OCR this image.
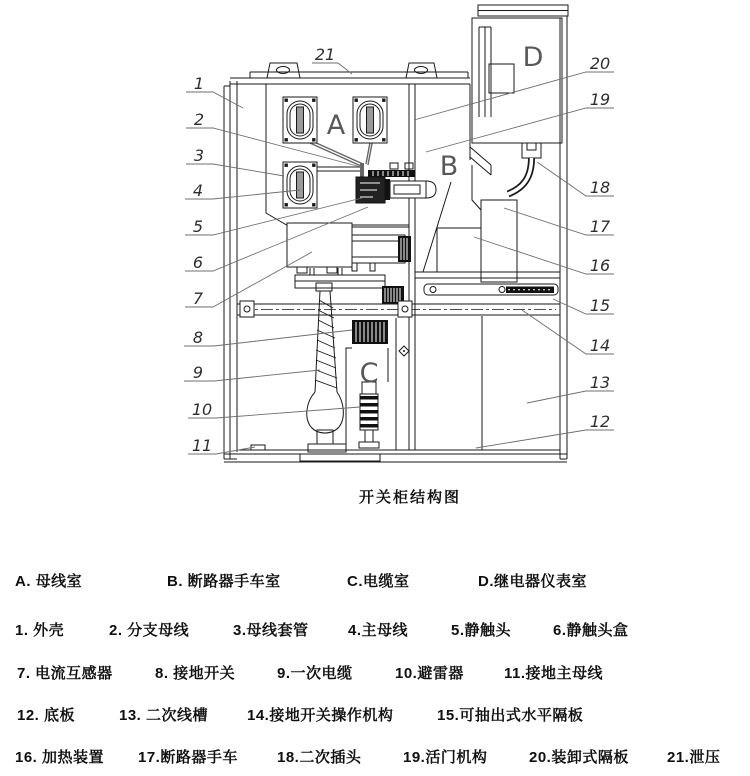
1
2
3
4
5
6
7
8
9
10
11
12
13
14
15
16
17
18
19
20
21
A
B
C
D
开关柜结构图
A. 母线室	B. 断路器手车室	C.电缆室	D.继电器仪表室
1. 外壳	2. 分支母线	3.母线套管	4.主母线	5.静触头	6.静触头盒
7. 电流互感器	8. 接地开关	9.一次电缆	10.避雷器	11.接地主母线
12. 底板	13. 二次线槽	14.接地开关操作机构	15.可抽出式水平隔板
16. 加热装置 17.断路器手车	18.二次插头	19.活门机构	20.装卸式隔板	21.泄压
